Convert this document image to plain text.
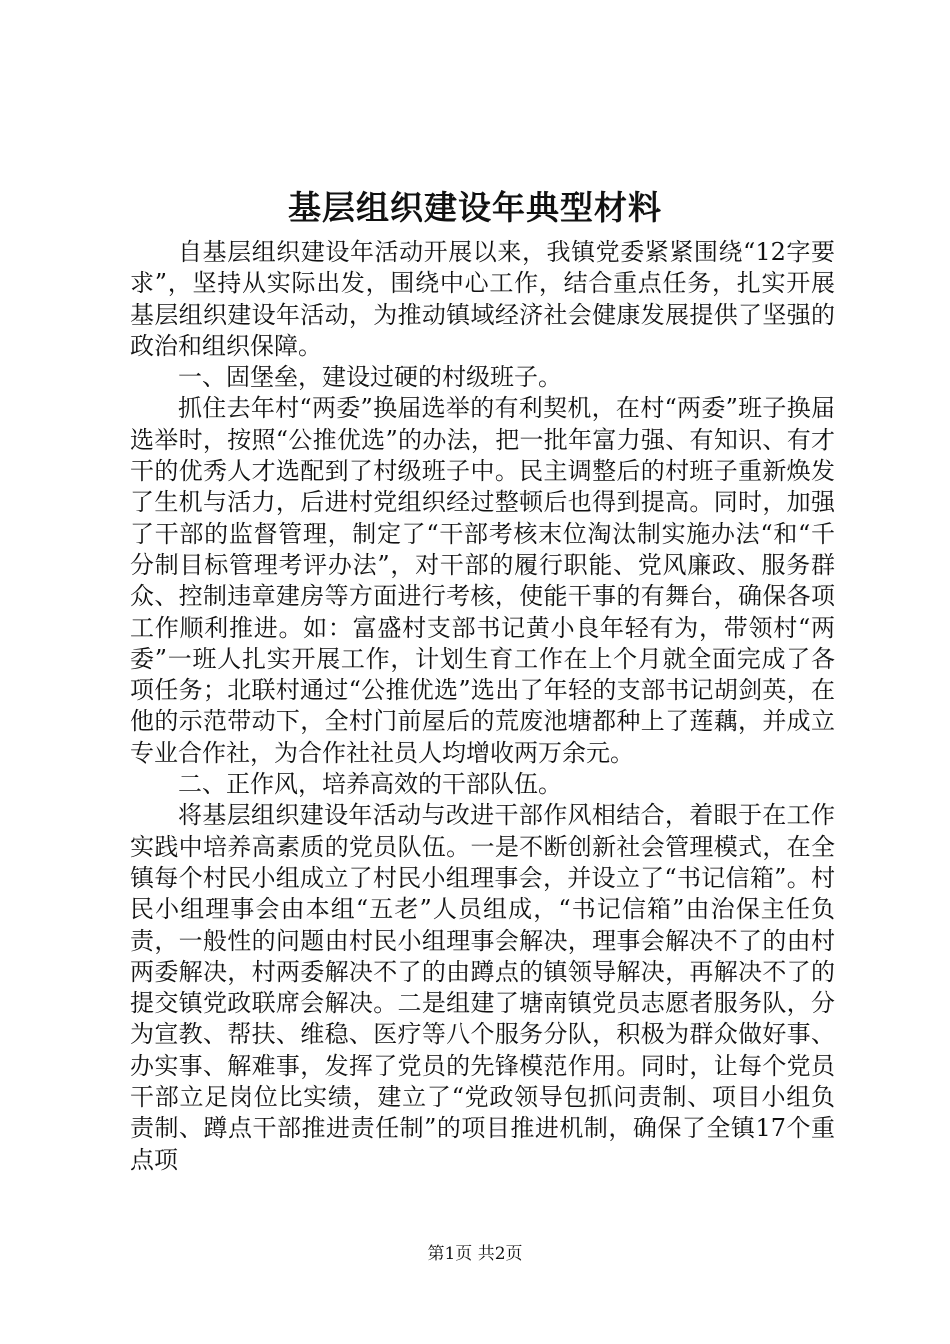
基层组织建设年典型材料

自基层组织建设年活动开展以来，我镇党委紧紧围绕“12字要求”，坚持从实际出发，围绕中心工作，结合重点任务，扎实开展基层组织建设年活动，为推动镇域经济社会健康发展提供了坚强的政治和组织保障。

一、固堡垒，建设过硬的村级班子。

抓住去年村“两委”换届选举的有利契机，在村“两委”班子换届选举时，按照“公推优选”的办法，把一批年富力强、有知识、有才干的优秀人才选配到了村级班子中。民主调整后的村班子重新焕发了生机与活力，后进村党组织经过整顿后也得到提高。同时，加强了干部的监督管理，制定了“干部考核末位淘汰制实施办法“和“千分制目标管理考评办法”，对干部的履行职能、党风廉政、服务群众、控制违章建房等方面进行考核，使能干事的有舞台，确保各项工作顺利推进。如：富盛村支部书记黄小良年轻有为，带领村“两委”一班人扎实开展工作，计划生育工作在上个月就全面完成了各项任务；北联村通过“公推优选”选出了年轻的支部书记胡剑英，在他的示范带动下，全村门前屋后的荒废池塘都种上了莲藕，并成立专业合作社，为合作社社员人均增收两万余元。

二、正作风，培养高效的干部队伍。

将基层组织建设年活动与改进干部作风相结合，着眼于在工作实践中培养高素质的党员队伍。一是不断创新社会管理模式，在全镇每个村民小组成立了村民小组理事会，并设立了“书记信箱”。村民小组理事会由本组“五老”人员组成，“书记信箱”由治保主任负责，一般性的问题由村民小组理事会解决，理事会解决不了的由村两委解决，村两委解决不了的由蹲点的镇领导解决，再解决不了的提交镇党政联席会解决。二是组建了塘南镇党员志愿者服务队，分为宣教、帮扶、维稳、医疗等八个服务分队，积极为群众做好事、办实事、解难事，发挥了党员的先锋模范作用。同时，让每个党员干部立足岗位比实绩，建立了“党政领导包抓问责制、项目小组负责制、蹲点干部推进责任制”的项目推进机制，确保了全镇17个重点项

第1页 共2页
